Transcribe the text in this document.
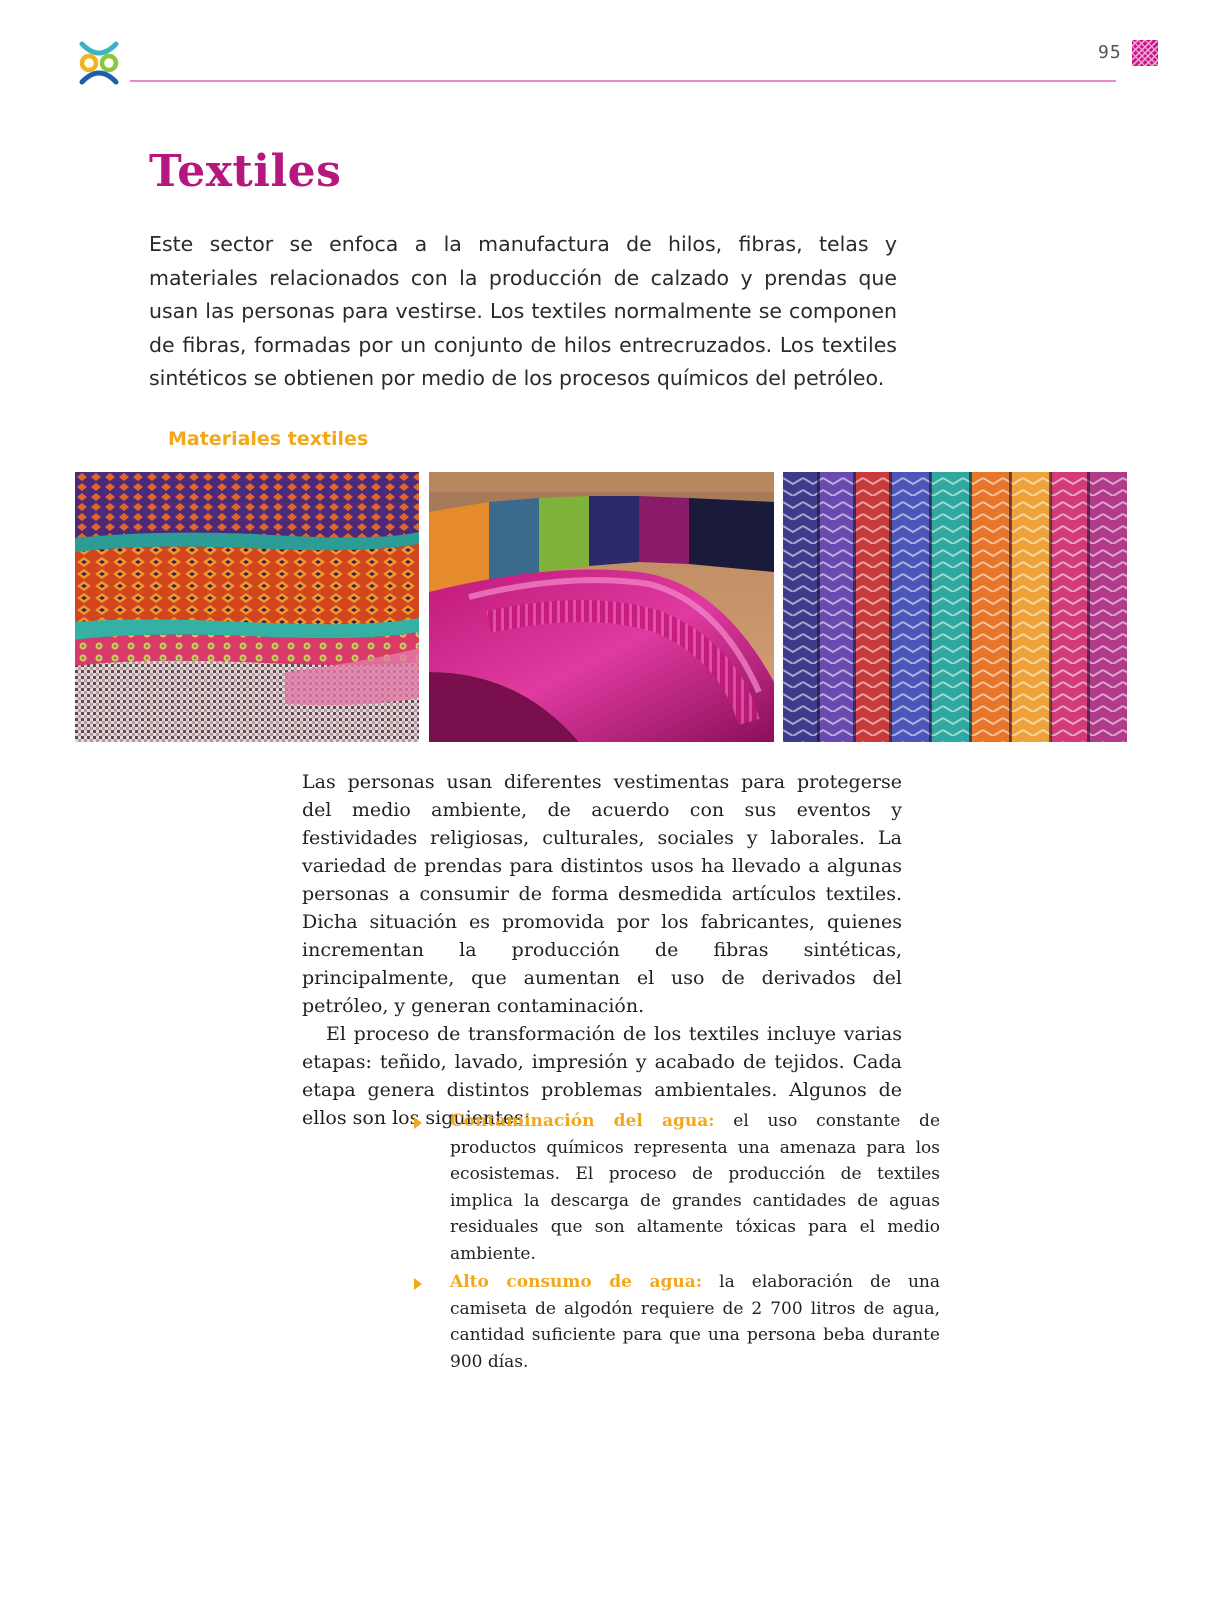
95
Textiles

Este sector se enfoca a la manufactura de hilos, fibras, telas y materiales relacionados con la producción de calzado y prendas que usan las personas para vestirse. Los textiles normalmente se componen de fibras, formadas por un conjunto de hilos entrecruzados. Los textiles sintéticos se obtienen por medio de los procesos químicos del petróleo.

Materiales textiles

Las personas usan diferentes vestimentas para protegerse del medio ambiente, de acuerdo con sus eventos y festividades religiosas, culturales, sociales y laborales. La variedad de prendas para distintos usos ha llevado a algunas personas a consumir de forma desmedida artículos textiles. Dicha situación es promovida por los fabricantes, quienes incrementan la producción de fibras sintéticas, principalmente, que aumentan el uso de derivados del petróleo, y generan contaminación.

El proceso de transformación de los textiles incluye varias etapas: teñido, lavado, impresión y acabado de tejidos. Cada etapa genera distintos problemas ambientales. Algunos de ellos son los siguientes:

Contaminación del agua: el uso constante de productos químicos representa una amenaza para los ecosistemas. El proceso de producción de textiles implica la descarga de grandes cantidades de aguas residuales que son altamente tóxicas para el medio ambiente.
Alto consumo de agua: la elaboración de una camiseta de algodón requiere de 2 700 litros de agua, cantidad suficiente para que una persona beba durante 900 días.
